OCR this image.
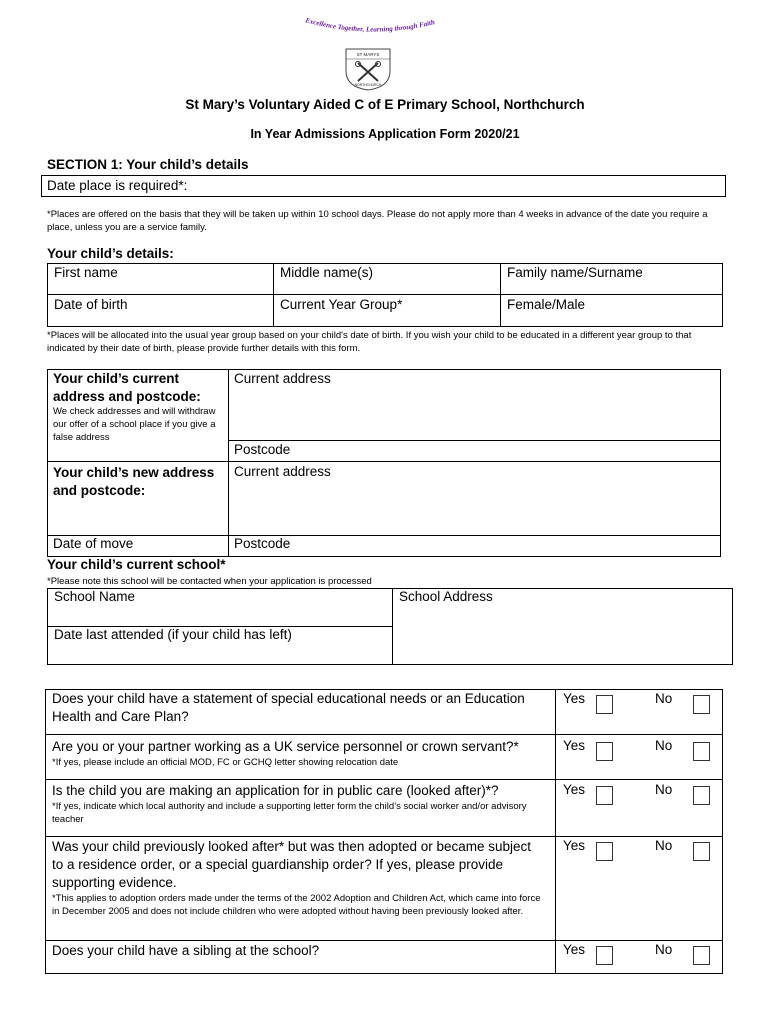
Excellence Together, Learning through Faith
ST MARYS
NORTHCHURCH
St Mary’s Voluntary Aided C of E Primary School, Northchurch
In Year Admissions Application Form 2020/21
SECTION 1: Your child’s details
Date place is required*:
*Places are offered on the basis that they will be taken up within 10 school days. Please do not apply more than 4 weeks in advance of the date you require a place, unless you are a service family.
Your child’s details:
First name	Middle name(s)	Family name/Surname
Date of birth	Current Year Group*	Female/Male
*Places will be allocated into the usual year group based on your child's date of birth. If you wish your child to be educated in a different year group to that indicated by their date of birth, please provide further details with this form.
Your child’s current address and postcode:
We check addresses and will withdraw our offer of a school place if you give a false address
Current address
Postcode
Your child’s new address and postcode:
Current address
Date of move	Postcode
Your child’s current school*
*Please note this school will be contacted when your application is processed
School Name	School Address
Date last attended (if your child has left)
Does your child have a statement of special educational needs or an Education Health and Care Plan?
Yes	No
Are you or your partner working as a UK service personnel or crown servant?*
*If yes, please include an official MOD, FC or GCHQ letter showing relocation date
Yes	No
Is the child you are making an application for in public care (looked after)*?
*If yes, indicate which local authority and include a supporting letter form the child’s social worker and/or advisory teacher
Yes	No
Was your child previously looked after* but was then adopted or became subject to a residence order, or a special guardianship order? If yes, please provide supporting evidence.
*This applies to adoption orders made under the terms of the 2002 Adoption and Children Act, which came into force in December 2005 and does not include children who were adopted without having been previously looked after.
Yes	No
Does your child have a sibling at the school?	Yes	No
